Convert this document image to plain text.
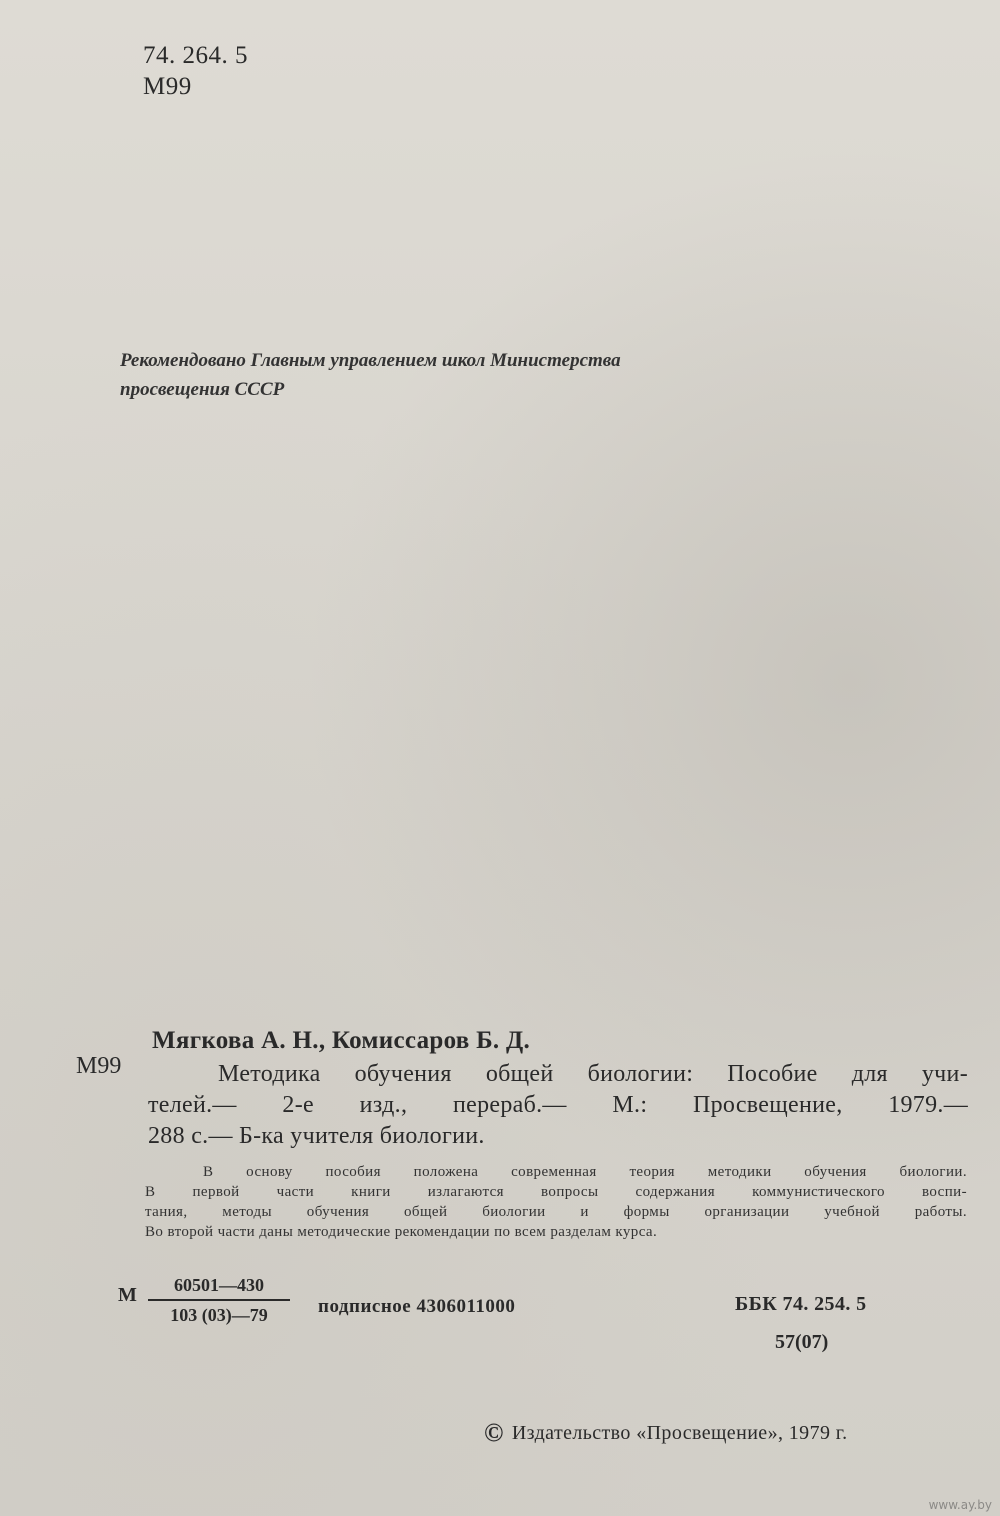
74. 264. 5
М99
Рекомендовано Главным управлением школ Министерства
просвещения СССР
Мягкова А. Н., Комиссаров Б. Д.
М99	Методика обучения общей биологии: Пособие для учи-
телей.— 2-е изд., перераб.— М.: Просвещение, 1979.—
288 с.— Б-ка учителя биологии.
В основу пособия положена современная теория методики обучения биологии.
В первой части книги излагаются вопросы содержания коммунистического воспи-
тания, методы обучения общей биологии и формы организации учебной работы.
Во второй части даны методические рекомендации по всем разделам курса.
М	60501—430
103 (03)—79	подписное 4306011000	ББК 74. 254. 5
57(07)
© Издательство «Просвещение», 1979 г.
www.ay.by
